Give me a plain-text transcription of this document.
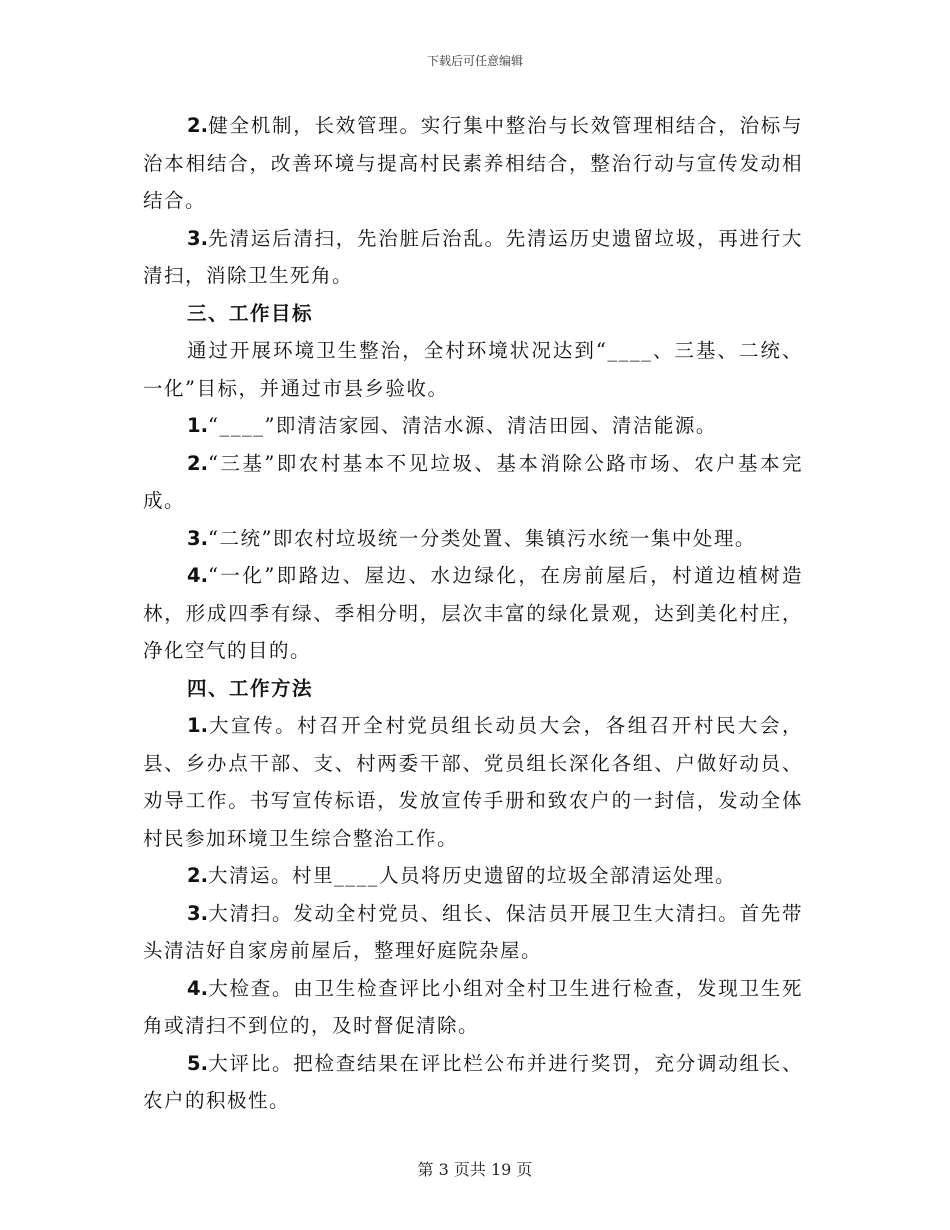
下载后可任意编辑

2.健全机制，长效管理。实行集中整治与长效管理相结合，治标与治本相结合，改善环境与提高村民素养相结合，整治行动与宣传发动相结合。

3.先清运后清扫，先治脏后治乱。先清运历史遗留垃圾，再进行大清扫，消除卫生死角。

三、工作目标

通过开展环境卫生整治，全村环境状况达到“____、三基、二统、一化”目标，并通过市县乡验收。

1.“____”即清洁家园、清洁水源、清洁田园、清洁能源。

2.“三基”即农村基本不见垃圾、基本消除公路市场、农户基本完成。

3.“二统”即农村垃圾统一分类处置、集镇污水统一集中处理。

4.“一化”即路边、屋边、水边绿化，在房前屋后，村道边植树造林，形成四季有绿、季相分明，层次丰富的绿化景观，达到美化村庄，净化空气的目的。

四、工作方法

1.大宣传。村召开全村党员组长动员大会，各组召开村民大会，县、乡办点干部、支、村两委干部、党员组长深化各组、户做好动员、劝导工作。书写宣传标语，发放宣传手册和致农户的一封信，发动全体村民参加环境卫生综合整治工作。

2.大清运。村里____人员将历史遗留的垃圾全部清运处理。

3.大清扫。发动全村党员、组长、保洁员开展卫生大清扫。首先带头清洁好自家房前屋后，整理好庭院杂屋。

4.大检查。由卫生检查评比小组对全村卫生进行检查，发现卫生死角或清扫不到位的，及时督促清除。

5.大评比。把检查结果在评比栏公布并进行奖罚，充分调动组长、农户的积极性。

第 3 页共 19 页
